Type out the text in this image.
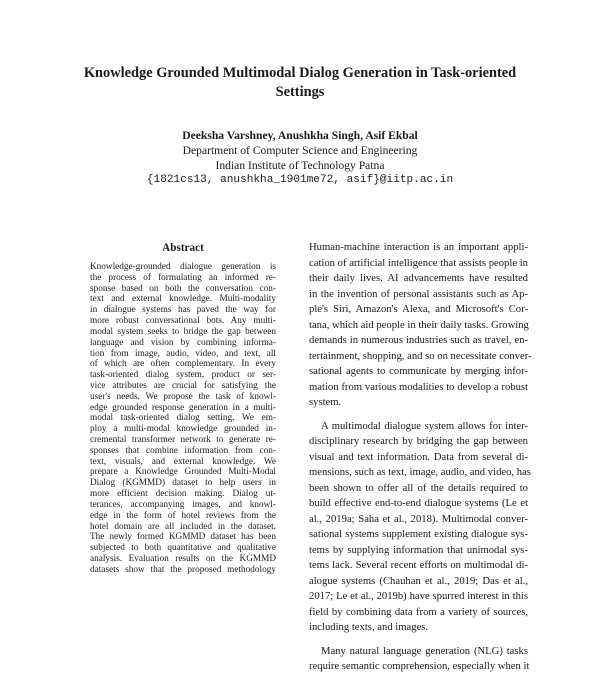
Knowledge Grounded Multimodal Dialog Generation in Task-oriented
Settings
Deeksha Varshney, Anushkha Singh, Asif Ekbal
Department of Computer Science and Engineering
Indian Institute of Technology Patna
{1821cs13, anushkha_1901me72, asif}@iitp.ac.in
Abstract
Knowledge-grounded dialogue generation is
the process of formulating an informed re-
sponse based on both the conversation con-
text and external knowledge. Multi-modality
in dialogue systems has paved the way for
more robust conversational bots. Any multi-
modal system seeks to bridge the gap between
language and vision by combining informa-
tion from image, audio, video, and text, all
of which are often complementary. In every
task-oriented dialog system, product or ser-
vice attributes are crucial for satisfying the
user's needs. We propose the task of knowl-
edge grounded response generation in a multi-
modal task-oriented dialog setting. We em-
ploy a multi-modal knowledge grounded in-
cremental transformer network to generate re-
sponses that combine information from con-
text, visuals, and external knowledge. We
prepare a Knowledge Grounded Multi-Modal
Dialog (KGMMD) dataset to help users in
more efficient decision making. Dialog ut-
terances, accompanying images, and knowl-
edge in the form of hotel reviews from the
hotel domain are all included in the dataset.
The newly formed KGMMD dataset has been
subjected to both quantitative and qualitative
analysis. Evaluation results on the KGMMD
datasets show that the proposed methodology
Human-machine interaction is an important appli-
cation of artificial intelligence that assists people in
their daily lives. AI advancements have resulted
in the invention of personal assistants such as Ap-
ple's Siri, Amazon's Alexa, and Microsoft's Cor-
tana, which aid people in their daily tasks. Growing
demands in numerous industries such as travel, en-
tertainment, shopping, and so on necessitate conver-
sational agents to communicate by merging infor-
mation from various modalities to develop a robust
system.
A multimodal dialogue system allows for inter-
disciplinary research by bridging the gap between
visual and text information. Data from several di-
mensions, such as text, image, audio, and video, has
been shown to offer all of the details required to
build effective end-to-end dialogue systems (Le et
al., 2019a; Saha et al., 2018). Multimodal conver-
sational systems supplement existing dialogue sys-
tems by supplying information that unimodal sys-
tems lack. Several recent efforts on multimodal di-
alogue systems (Chauhan et al., 2019; Das et al.,
2017; Le et al., 2019b) have spurred interest in this
field by combining data from a variety of sources,
including texts, and images.
Many natural language generation (NLG) tasks
require semantic comprehension, especially when it
